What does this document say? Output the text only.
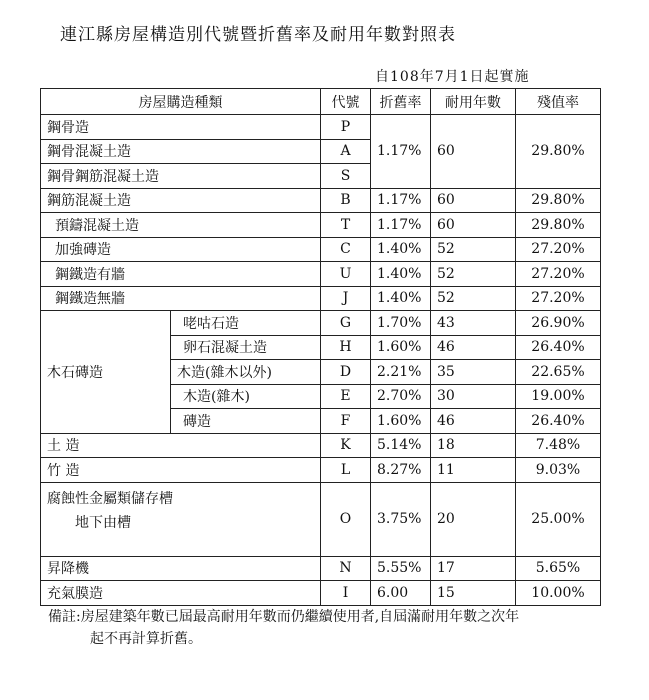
連江縣房屋構造別代號暨折舊率及耐用年數對照表
自108年7月1日起實施
房屋購造種類		代號	折舊率	耐用年數	殘值率
鋼骨造		P	1.17%	60	29.80%
鋼骨混凝土造		A			
鋼骨鋼筋混凝土造		S			
鋼筋混凝土造		B	1.17%	60	29.80%
預鑄混凝土造		T	1.17%	60	29.80%
加強磚造		C	1.40%	52	27.20%
鋼鐵造有牆		U	1.40%	52	27.20%
鋼鐵造無牆		J	1.40%	52	27.20%
木石磚造	咾咕石造	G	1.70%	43	26.90%
	卵石混凝土造	H	1.60%	46	26.40%
	木造(雜木以外)	D	2.21%	35	22.65%
	木造(雜木)	E	2.70%	30	19.00%
	磚造	F	1.60%	46	26.40%
土 造		K	5.14%	18	7.48%
竹 造		L	8.27%	11	9.03%

腐蝕性金屬類儲存槽
地下由槽		O	3.75%	20	25.00%
昇降機		N	5.55%	17	5.65%
充氣膜造		I	6.00	15	10.00%
備註:房屋建築年數已屆最高耐用年數而仍繼續使用者,自屆滿耐用年數之次年
起不再計算折舊。
